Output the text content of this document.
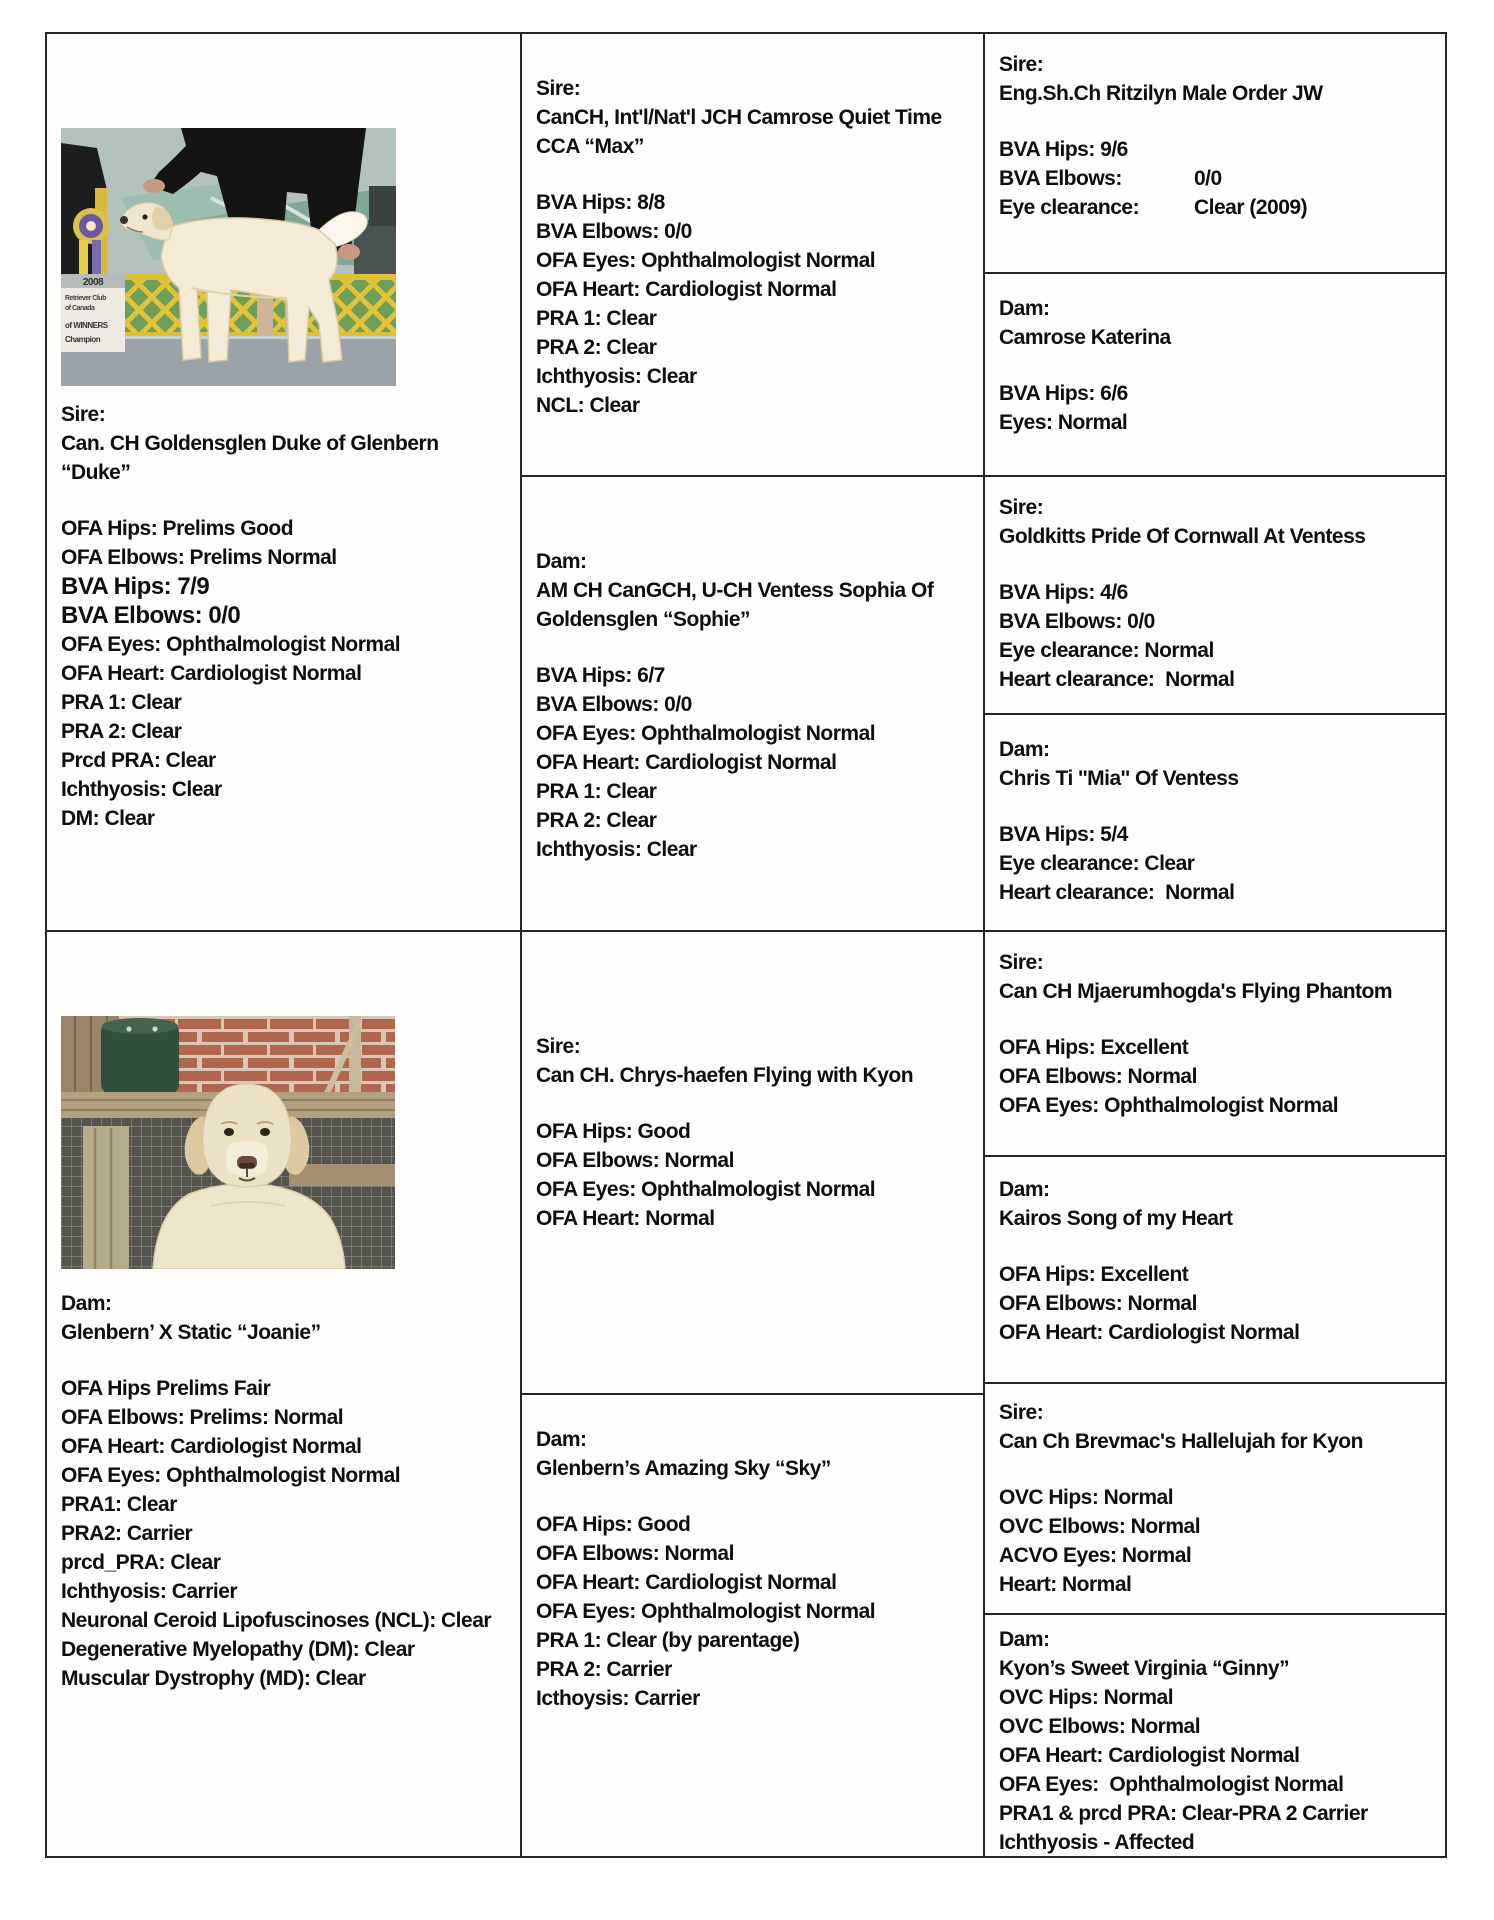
2008
Retriever Club
of Canada
of WINNERS
Champion
Sire:
Can. CH Goldensglen Duke of Glenbern
“Duke”
OFA Hips: Prelims Good
OFA Elbows: Prelims Normal
BVA Hips: 7/9
BVA Elbows: 0/0
OFA Eyes: Ophthalmologist Normal
OFA Heart: Cardiologist Normal
PRA 1: Clear
PRA 2: Clear
Prcd PRA: Clear
Ichthyosis: Clear
DM: Clear
Dam:
Glenbern’ X Static “Joanie”
OFA Hips Prelims Fair
OFA Elbows: Prelims: Normal
OFA Heart: Cardiologist Normal
OFA Eyes: Ophthalmologist Normal
PRA1: Clear
PRA2: Carrier
prcd_PRA: Clear
Ichthyosis: Carrier
Neuronal Ceroid Lipofuscinoses (NCL): Clear
Degenerative Myelopathy (DM): Clear
Muscular Dystrophy (MD): Clear
Sire:
CanCH, Int'l/Nat'l JCH Camrose Quiet Time
CCA “Max”
BVA Hips: 8/8
BVA Elbows: 0/0
OFA Eyes: Ophthalmologist Normal
OFA Heart: Cardiologist Normal
PRA 1: Clear
PRA 2: Clear
Ichthyosis: Clear
NCL: Clear
Dam:
AM CH CanGCH, U-CH Ventess Sophia Of
Goldensglen “Sophie”
BVA Hips: 6/7
BVA Elbows: 0/0
OFA Eyes: Ophthalmologist Normal
OFA Heart: Cardiologist Normal
PRA 1: Clear
PRA 2: Clear
Ichthyosis: Clear
Sire:
Can CH. Chrys-haefen Flying with Kyon
OFA Hips: Good
OFA Elbows: Normal
OFA Eyes: Ophthalmologist Normal
OFA Heart: Normal
Dam:
Glenbern’s Amazing Sky “Sky”
OFA Hips: Good
OFA Elbows: Normal
OFA Heart: Cardiologist Normal
OFA Eyes: Ophthalmologist Normal
PRA 1: Clear (by parentage)
PRA 2: Carrier
Icthoysis: Carrier
Sire:
Eng.Sh.Ch Ritzilyn Male Order JW
BVA Hips: 9/6
BVA Elbows:	0/0
Eye clearance:	Clear (2009)
Dam:
Camrose Katerina
BVA Hips: 6/6
Eyes: Normal
Sire:
Goldkitts Pride Of Cornwall At Ventess
BVA Hips: 4/6
BVA Elbows: 0/0
Eye clearance: Normal
Heart clearance:  Normal
Dam:
Chris Ti ''Mia'' Of Ventess
BVA Hips: 5/4
Eye clearance: Clear
Heart clearance:  Normal
Sire:
Can CH Mjaerumhogda's Flying Phantom
OFA Hips: Excellent
OFA Elbows: Normal
OFA Eyes: Ophthalmologist Normal
Dam:
Kairos Song of my Heart
OFA Hips: Excellent
OFA Elbows: Normal
OFA Heart: Cardiologist Normal
Sire:
Can Ch Brevmac's Hallelujah for Kyon
OVC Hips: Normal
OVC Elbows: Normal
ACVO Eyes: Normal
Heart: Normal
Dam:
Kyon’s Sweet Virginia “Ginny”
OVC Hips: Normal
OVC Elbows: Normal
OFA Heart: Cardiologist Normal
OFA Eyes:  Ophthalmologist Normal
PRA1 & prcd PRA: Clear-PRA 2 Carrier
Ichthyosis - Affected
